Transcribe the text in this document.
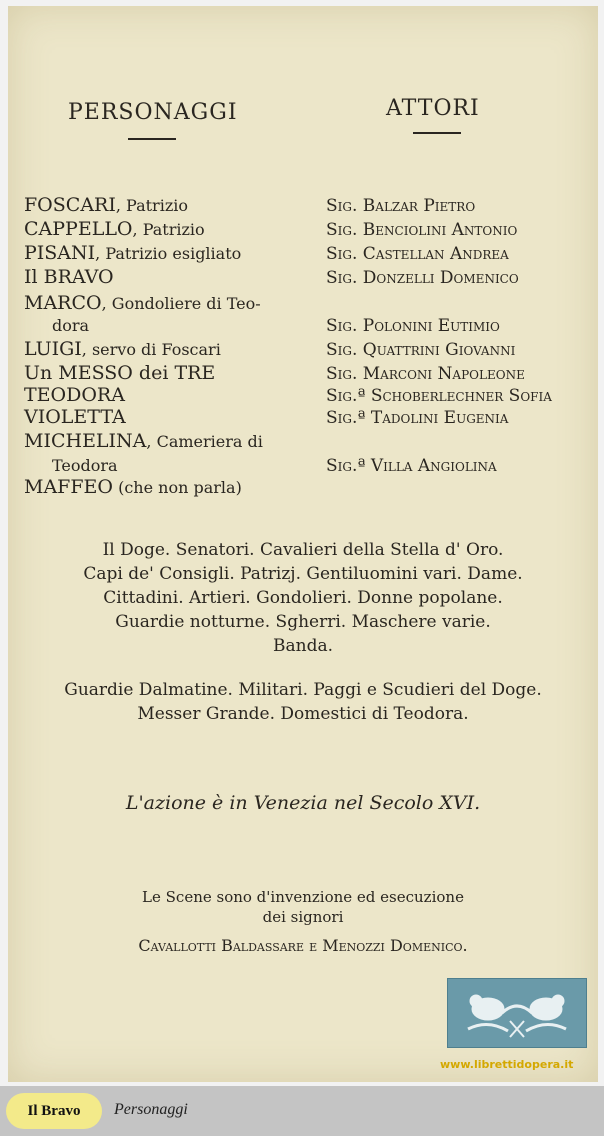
PERSONAGGI	ATTORI
FOSCARI, Patrizio	Sig. Balzar Pietro
CAPPELLO, Patrizio	Sig. Benciolini Antonio
PISANI, Patrizio esigliato	Sig. Castellan Andrea
Il BRAVO	Sig. Donzelli Domenico
MARCO, Gondoliere di Teo-
dora	Sig. Polonini Eutimio
LUIGI, servo di Foscari	Sig. Quattrini Giovanni
Un MESSO dei TRE	Sig. Marconi Napoleone
TEODORA	Sig.ª Schoberlechner Sofia
VIOLETTA	Sig.ª Tadolini Eugenia
MICHELINA, Cameriera di
Teodora	Sig.ª Villa Angiolina
MAFFEO (che non parla)
Il Doge. Senatori. Cavalieri della Stella d' Oro.
Capi de' Consigli. Patrizj. Gentiluomini vari. Dame.
Cittadini. Artieri. Gondolieri. Donne popolane.
Guardie notturne. Sgherri. Maschere varie.
Banda.
Guardie Dalmatine. Militari. Paggi e Scudieri del Doge.
Messer Grande. Domestici di Teodora.
L'azione è in Venezia nel Secolo XVI.
Le Scene sono d'invenzione ed esecuzione
dei signori
Cavallotti Baldassare e Menozzi Domenico.
www.librettidopera.it
Il Bravo	Personaggi
